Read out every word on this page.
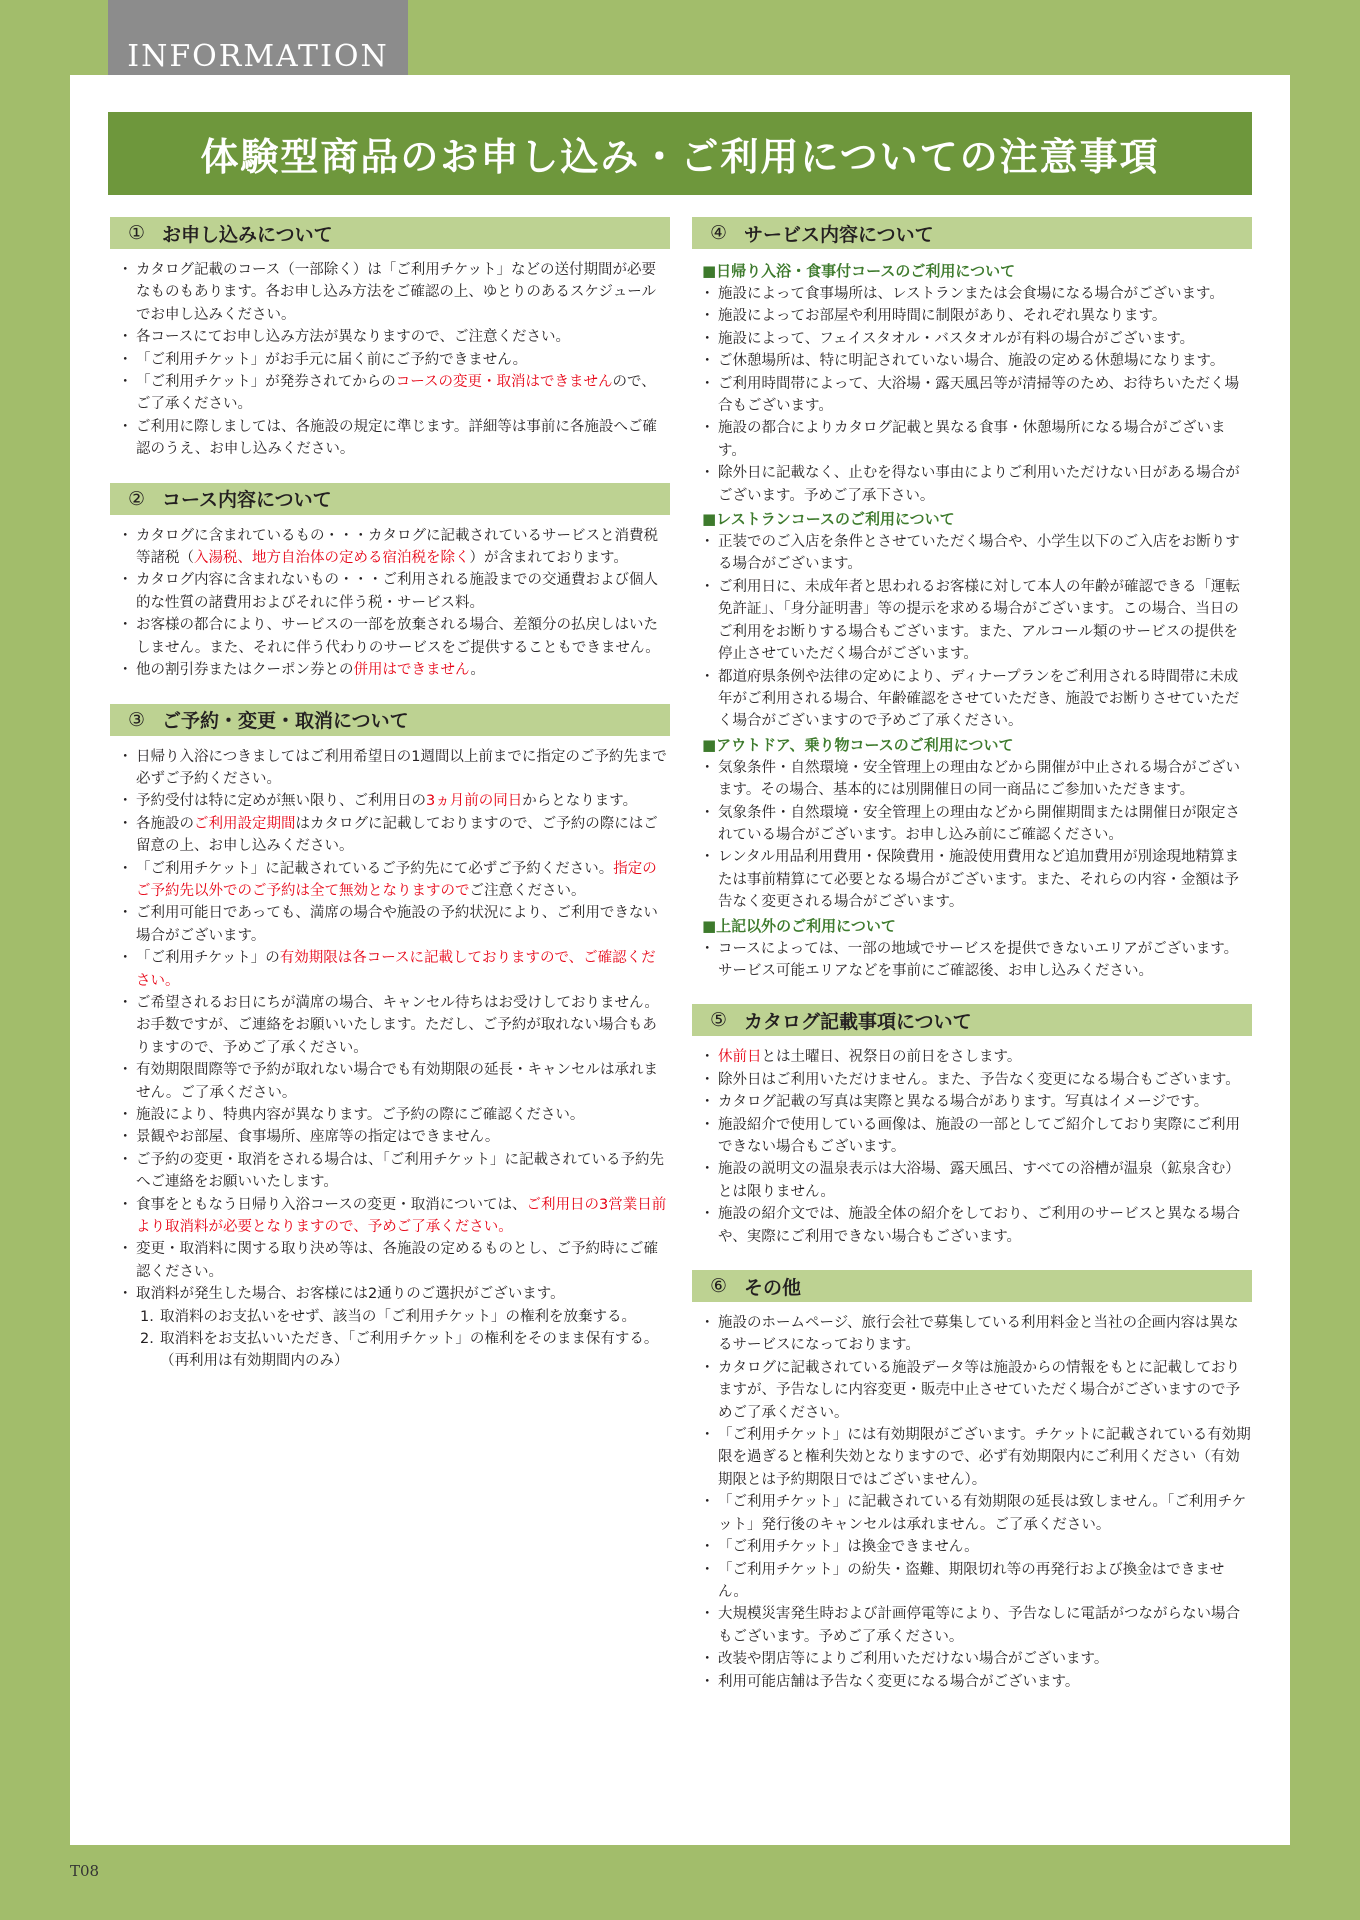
INFORMATION
体験型商品のお申し込み・ご利用についての注意事項
① お申し込みについて
・ カタログ記載のコース（一部除く）は「ご利用チケット」などの送付期間が必要なものもあります。各お申し込み方法をご確認の上、ゆとりのあるスケジュールでお申し込みください。
・ 各コースにてお申し込み方法が異なりますので、ご注意ください。
・ 「ご利用チケット」がお手元に届く前にご予約できません。
・ 「ご利用チケット」が発券されてからのコースの変更・取消はできませんので、ご了承ください。
・ ご利用に際しましては、各施設の規定に準じます。詳細等は事前に各施設へご確認のうえ、お申し込みください。
② コース内容について
・ カタログに含まれているもの・・・カタログに記載されているサービスと消費税等諸税（入湯税、地方自治体の定める宿泊税を除く）が含まれております。
・ カタログ内容に含まれないもの・・・ご利用される施設までの交通費および個人的な性質の諸費用およびそれに伴う税・サービス料。
・ お客様の都合により、サービスの一部を放棄される場合、差額分の払戻しはいたしません。また、それに伴う代わりのサービスをご提供することもできません。
・ 他の割引券またはクーポン券との併用はできません。
③ ご予約・変更・取消について
・ 日帰り入浴につきましてはご利用希望日の1週間以上前までに指定のご予約先まで必ずご予約ください。
・ 予約受付は特に定めが無い限り、ご利用日の3ヵ月前の同日からとなります。
・ 各施設のご利用設定期間はカタログに記載しておりますので、ご予約の際にはご留意の上、お申し込みください。
・ 「ご利用チケット」に記載されているご予約先にて必ずご予約ください。指定のご予約先以外でのご予約は全て無効となりますのでご注意ください。
・ ご利用可能日であっても、満席の場合や施設の予約状況により、ご利用できない場合がございます。
・ 「ご利用チケット」の有効期限は各コースに記載しておりますので、ご確認ください。
・ ご希望されるお日にちが満席の場合、キャンセル待ちはお受けしておりません。お手数ですが、ご連絡をお願いいたします。ただし、ご予約が取れない場合もありますので、予めご了承ください。
・ 有効期限間際等で予約が取れない場合でも有効期限の延長・キャンセルは承れません。ご了承ください。
・ 施設により、特典内容が異なります。ご予約の際にご確認ください。
・ 景観やお部屋、食事場所、座席等の指定はできません。
・ ご予約の変更・取消をされる場合は、「ご利用チケット」に記載されている予約先へご連絡をお願いいたします。
・ 食事をともなう日帰り入浴コースの変更・取消については、ご利用日の3営業日前より取消料が必要となりますので、予めご了承ください。
・ 変更・取消料に関する取り決め等は、各施設の定めるものとし、ご予約時にご確認ください。
・ 取消料が発生した場合、お客様には2通りのご選択がございます。
1. 取消料のお支払いをせず、該当の「ご利用チケット」の権利を放棄する。
2. 取消料をお支払いいただき、「ご利用チケット」の権利をそのまま保有する。（再利用は有効期間内のみ）
④ サービス内容について
■日帰り入浴・食事付コースのご利用について
・ 施設によって食事場所は、レストランまたは会食場になる場合がございます。
・ 施設によってお部屋や利用時間に制限があり、それぞれ異なります。
・ 施設によって、フェイスタオル・バスタオルが有料の場合がございます。
・ ご休憩場所は、特に明記されていない場合、施設の定める休憩場になります。
・ ご利用時間帯によって、大浴場・露天風呂等が清掃等のため、お待ちいただく場合もございます。
・ 施設の都合によりカタログ記載と異なる食事・休憩場所になる場合がございます。
・ 除外日に記載なく、止むを得ない事由によりご利用いただけない日がある場合がございます。予めご了承下さい。
■レストランコースのご利用について
・ 正装でのご入店を条件とさせていただく場合や、小学生以下のご入店をお断りする場合がございます。
・ ご利用日に、未成年者と思われるお客様に対して本人の年齢が確認できる「運転免許証」、「身分証明書」等の提示を求める場合がございます。この場合、当日のご利用をお断りする場合もございます。また、アルコール類のサービスの提供を停止させていただく場合がございます。
・ 都道府県条例や法律の定めにより、ディナープランをご利用される時間帯に未成年がご利用される場合、年齢確認をさせていただき、施設でお断りさせていただく場合がございますので予めご了承ください。
■アウトドア、乗り物コースのご利用について
・ 気象条件・自然環境・安全管理上の理由などから開催が中止される場合がございます。その場合、基本的には別開催日の同一商品にご参加いただきます。
・ 気象条件・自然環境・安全管理上の理由などから開催期間または開催日が限定されている場合がございます。お申し込み前にご確認ください。
・ レンタル用品利用費用・保険費用・施設使用費用など追加費用が別途現地精算または事前精算にて必要となる場合がございます。また、それらの内容・金額は予告なく変更される場合がございます。
■上記以外のご利用について
・ コースによっては、一部の地域でサービスを提供できないエリアがございます。サービス可能エリアなどを事前にご確認後、お申し込みください。
⑤ カタログ記載事項について
・ 休前日とは土曜日、祝祭日の前日をさします。
・ 除外日はご利用いただけません。また、予告なく変更になる場合もございます。
・ カタログ記載の写真は実際と異なる場合があります。写真はイメージです。
・ 施設紹介で使用している画像は、施設の一部としてご紹介しており実際にご利用できない場合もございます。
・ 施設の説明文の温泉表示は大浴場、露天風呂、すべての浴槽が温泉（鉱泉含む）とは限りません。
・ 施設の紹介文では、施設全体の紹介をしており、ご利用のサービスと異なる場合や、実際にご利用できない場合もございます。
⑥ その他
・ 施設のホームページ、旅行会社で募集している利用料金と当社の企画内容は異なるサービスになっております。
・ カタログに記載されている施設データ等は施設からの情報をもとに記載しておりますが、予告なしに内容変更・販売中止させていただく場合がございますので予めご了承ください。
・ 「ご利用チケット」には有効期限がございます。チケットに記載されている有効期限を過ぎると権利失効となりますので、必ず有効期限内にご利用ください（有効期限とは予約期限日ではございません）。
・ 「ご利用チケット」に記載されている有効期限の延長は致しません。「ご利用チケット」発行後のキャンセルは承れません。ご了承ください。
・ 「ご利用チケット」は換金できません。
・ 「ご利用チケット」の紛失・盗難、期限切れ等の再発行および換金はできません。
・ 大規模災害発生時および計画停電等により、予告なしに電話がつながらない場合もございます。予めご了承ください。
・ 改装や閉店等によりご利用いただけない場合がございます。
・ 利用可能店舗は予告なく変更になる場合がございます。
T08
